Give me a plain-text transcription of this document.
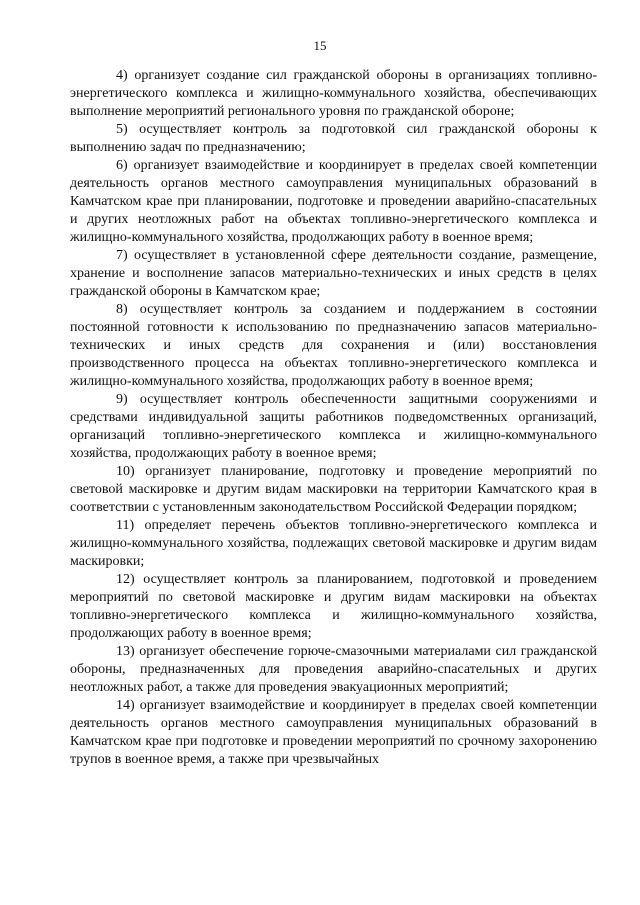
15

4) организует создание сил гражданской обороны в организациях топливно-энергетического комплекса и жилищно-коммунального хозяйства, обеспечивающих выполнение мероприятий регионального уровня по гражданской обороне;

5) осуществляет контроль за подготовкой сил гражданской обороны к выполнению задач по предназначению;

6) организует взаимодействие и координирует в пределах своей компетенции деятельность органов местного самоуправления муниципальных образований в Камчатском крае при планировании, подготовке и проведении аварийно-спасательных и других неотложных работ на объектах топливно-энергетического комплекса и жилищно-коммунального хозяйства, продолжающих работу в военное время;

7) осуществляет в установленной сфере деятельности создание, размещение, хранение и восполнение запасов материально-технических и иных средств в целях гражданской обороны в Камчатском крае;

8) осуществляет контроль за созданием и поддержанием в состоянии постоянной готовности к использованию по предназначению запасов материально-технических и иных средств для сохранения и (или) восстановления производственного процесса на объектах топливно-энергетического комплекса и жилищно-коммунального хозяйства, продолжающих работу в военное время;

9) осуществляет контроль обеспеченности защитными сооружениями и средствами индивидуальной защиты работников подведомственных организаций, организаций топливно-энергетического комплекса и жилищно-коммунального хозяйства, продолжающих работу в военное время;

10) организует планирование, подготовку и проведение мероприятий по световой маскировке и другим видам маскировки на территории Камчатского края в соответствии с установленным законодательством Российской Федерации порядком;

11) определяет перечень объектов топливно-энергетического комплекса и жилищно-коммунального хозяйства, подлежащих световой маскировке и другим видам маскировки;

12) осуществляет контроль за планированием, подготовкой и проведением мероприятий по световой маскировке и другим видам маскировки на объектах топливно-энергетического комплекса и жилищно-коммунального хозяйства, продолжающих работу в военное время;

13) организует обеспечение горюче-смазочными материалами сил гражданской обороны, предназначенных для проведения аварийно-спасательных и других неотложных работ, а также для проведения эвакуационных мероприятий;

14) организует взаимодействие и координирует в пределах своей компетенции деятельность органов местного самоуправления муниципальных образований в Камчатском крае при подготовке и проведении мероприятий по срочному захоронению трупов в военное время, а также при чрезвычайных
